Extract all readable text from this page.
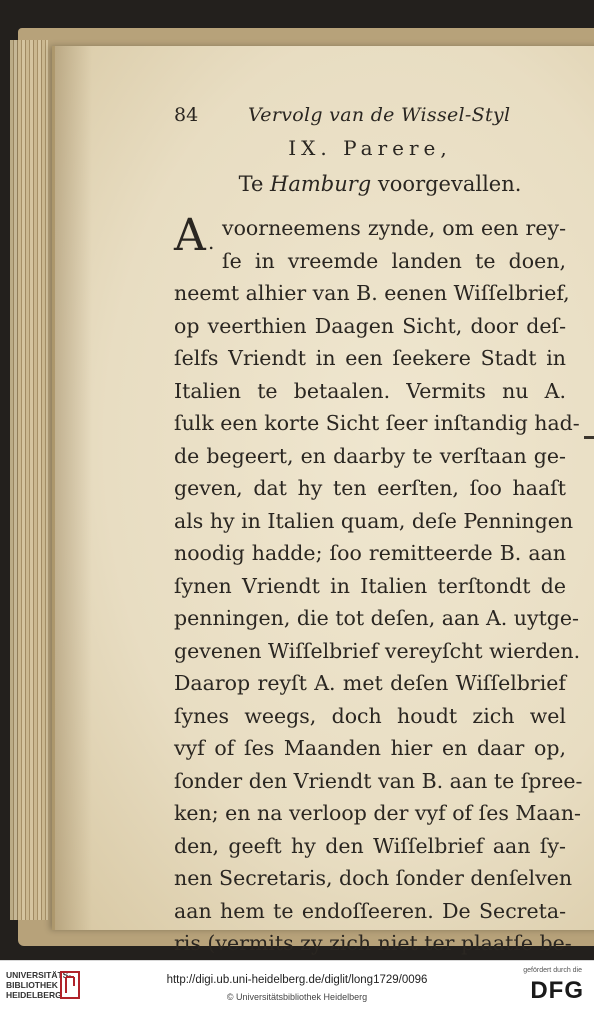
84	Vervolg van de Wissel-Styl
IX. Parere,
Te Hamburg voorgevallen.
A .
voorneemens zynde, om een rey-
ſe in vreemde landen te doen,
neemt alhier van B. eenen Wiſſelbrief,
op veerthien Daagen Sicht, door deſ-
ſelfs Vriendt in een ſeekere Stadt in
Italien te betaalen. Vermits nu A.
ſulk een korte Sicht ſeer inſtandig had-
de begeert, en daarby te verſtaan ge-
geven, dat hy ten eerſten, ſoo haaſt
als hy in Italien quam, deſe Penningen
noodig hadde; ſoo remitteerde B. aan
ſynen Vriendt in Italien terſtondt de
penningen, die tot deſen, aan A. uytge-
gevenen Wiſſelbrief vereyſcht wierden.
Daarop reyſt A. met deſen Wiſſelbrief
ſynes weegs, doch houdt zich wel
vyf of ſes Maanden hier en daar op,
ſonder den Vriendt van B. aan te ſpree-
ken; en na verloop der vyf of ſes Maan-
den, geeft hy den Wiſſelbrief aan ſy-
nen Secretaris, doch ſonder denſelven
aan hem te endoſſeeren. De Secreta-
ris (vermits zy zich niet ter plaatſe be-
UNIVERSITÄTS-
BIBLIOTHEK
HEIDELBERG
http://digi.ub.uni-heidelberg.de/diglit/long1729/0096
© Universitätsbibliothek Heidelberg
gefördert durch die
DFG
